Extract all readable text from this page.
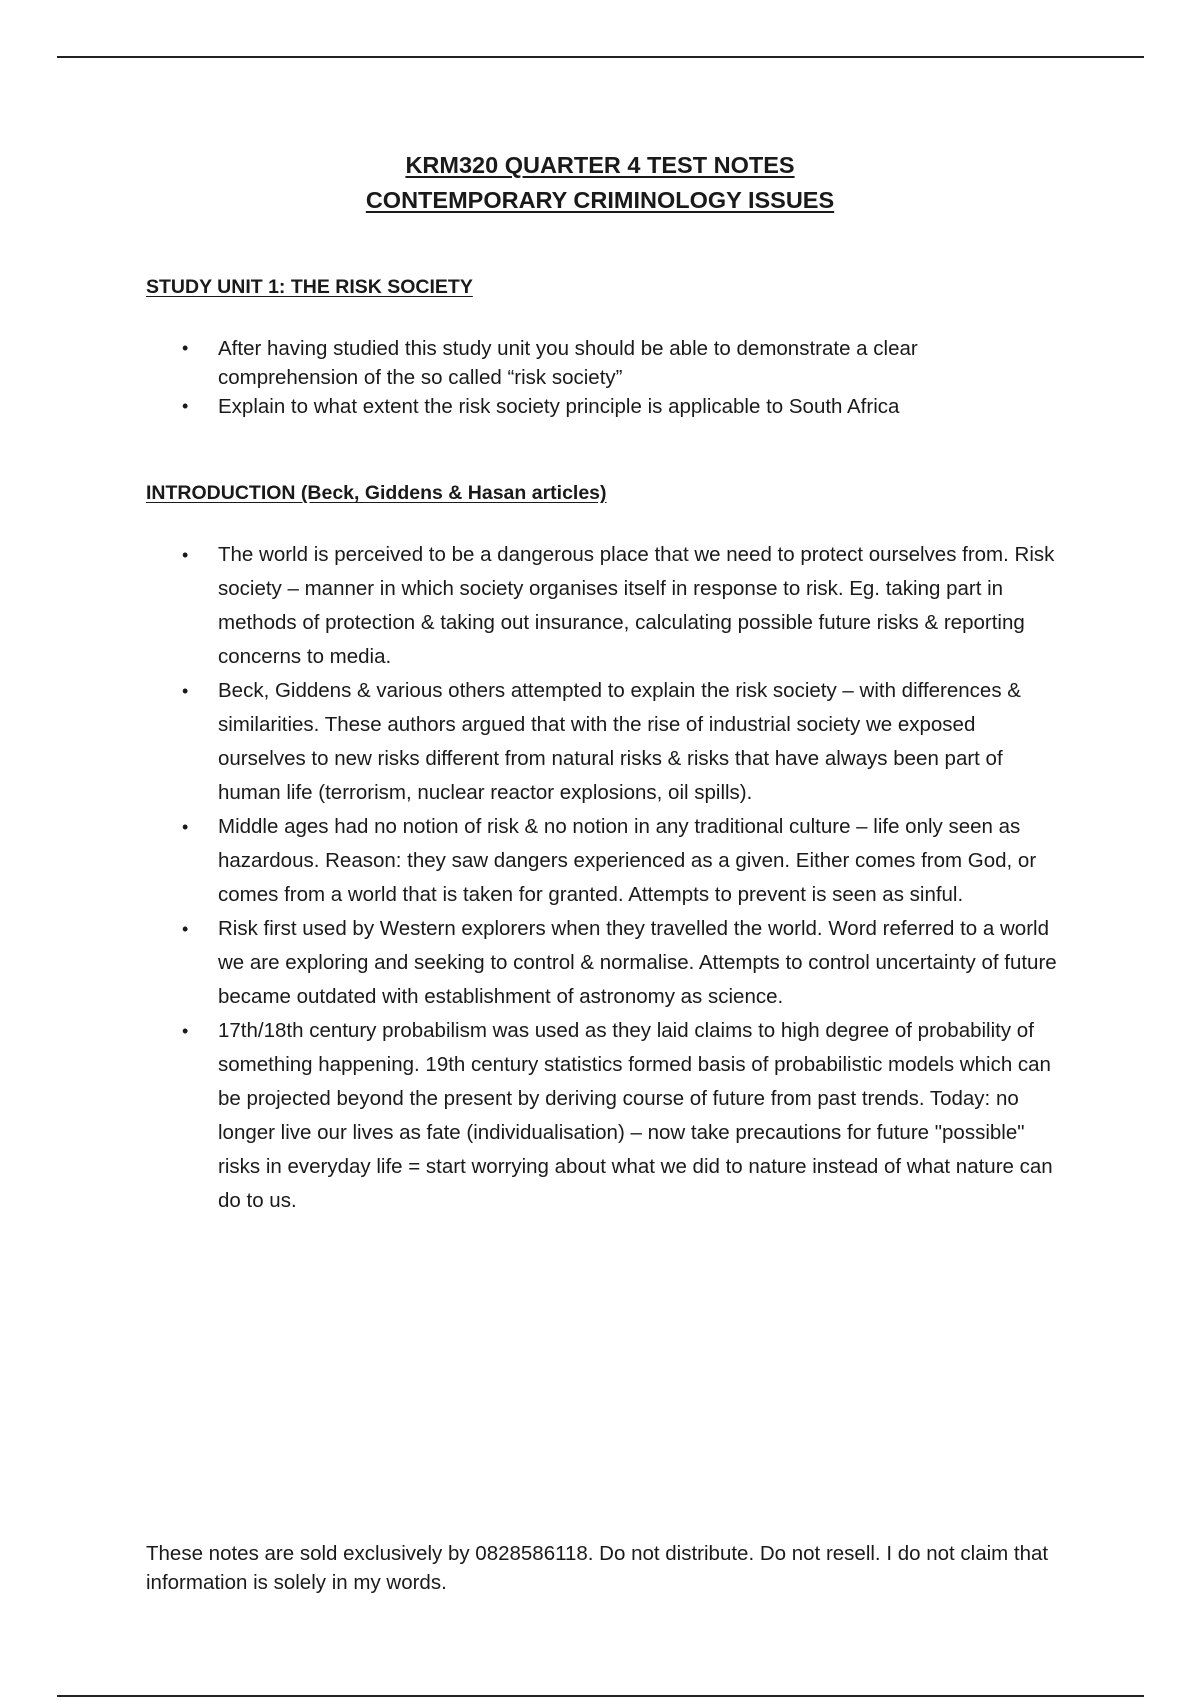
KRM320 QUARTER 4 TEST NOTES
CONTEMPORARY CRIMINOLOGY ISSUES
STUDY UNIT 1: THE RISK SOCIETY
• After having studied this study unit you should be able to demonstrate a clear comprehension of the so called “risk society”
• Explain to what extent the risk society principle is applicable to South Africa
INTRODUCTION (Beck, Giddens & Hasan articles)
• The world is perceived to be a dangerous place that we need to protect ourselves from. Risk society – manner in which society organises itself in response to risk. Eg. taking part in methods of protection & taking out insurance, calculating possible future risks & reporting concerns to media.
• Beck, Giddens & various others attempted to explain the risk society – with differences & similarities. These authors argued that with the rise of industrial society we exposed ourselves to new risks different from natural risks & risks that have always been part of human life (terrorism, nuclear reactor explosions, oil spills).
• Middle ages had no notion of risk & no notion in any traditional culture – life only seen as hazardous. Reason: they saw dangers experienced as a given. Either comes from God, or comes from a world that is taken for granted. Attempts to prevent is seen as sinful.
• Risk first used by Western explorers when they travelled the world. Word referred to a world we are exploring and seeking to control & normalise. Attempts to control uncertainty of future became outdated with establishment of astronomy as science.
• 17th/18th century probabilism was used as they laid claims to high degree of probability of something happening. 19th century statistics formed basis of probabilistic models which can be projected beyond the present by deriving course of future from past trends. Today: no longer live our lives as fate (individualisation) – now take precautions for future "possible" risks in everyday life = start worrying about what we did to nature instead of what nature can do to us.

These notes are sold exclusively by 0828586118. Do not distribute. Do not resell. I do not claim that information is solely in my words.
